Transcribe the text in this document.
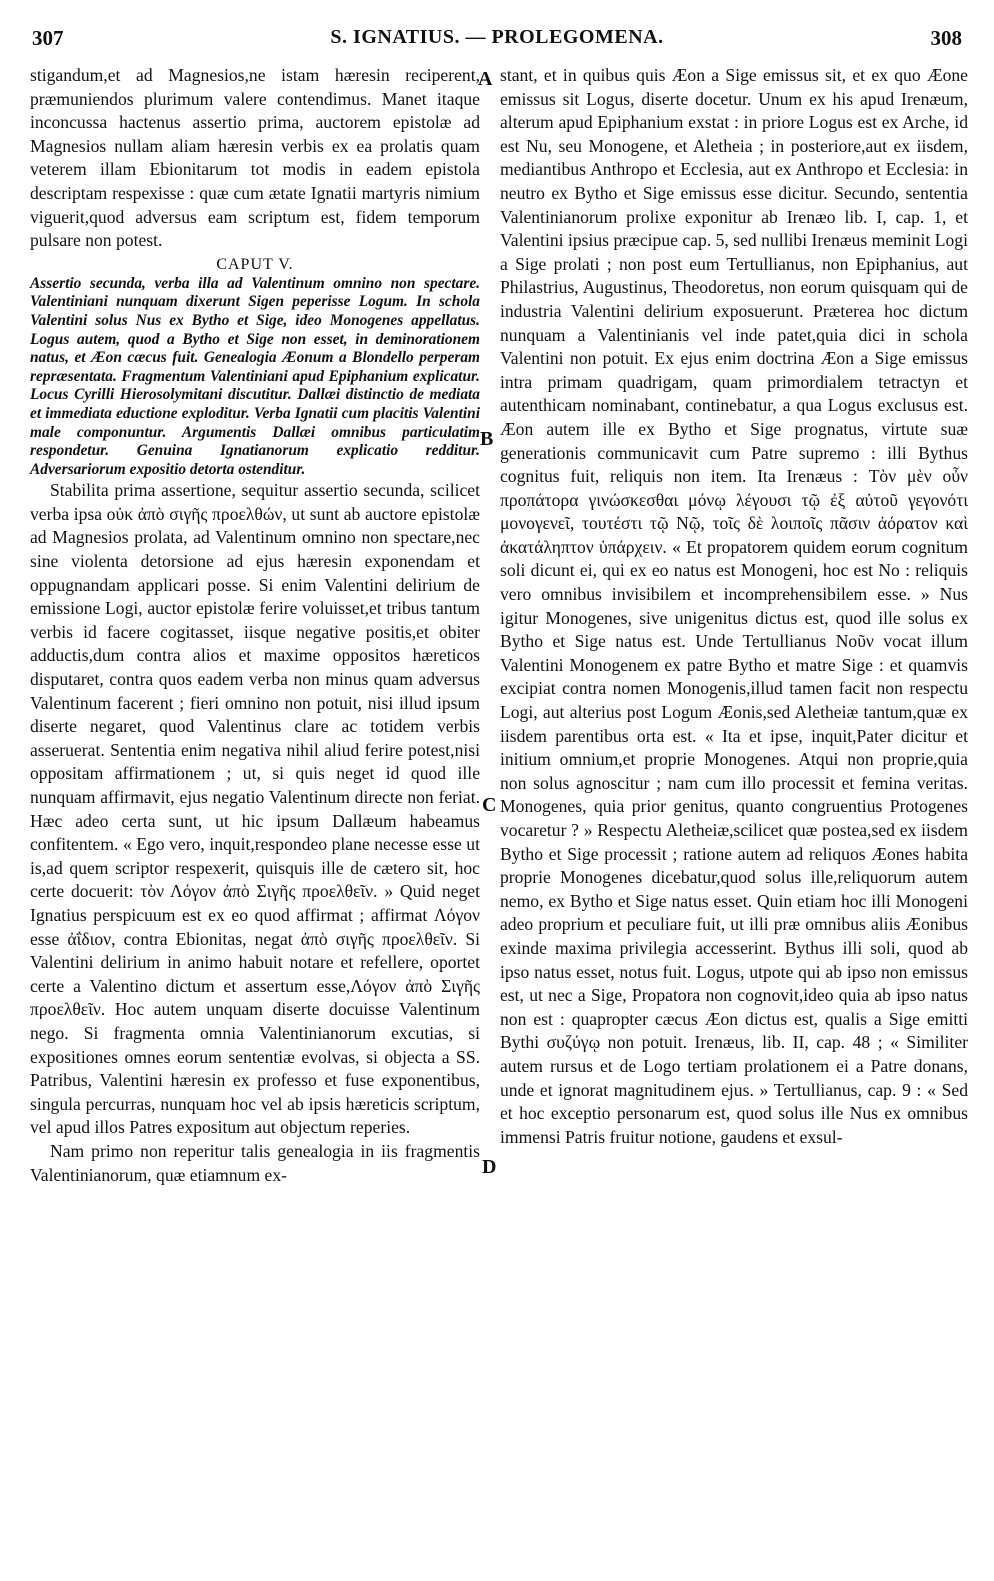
307	S. IGNATIUS. — PROLEGOMENA.	308
A
B
C
D

stigandum,et ad Magnesios,ne istam hæresin reciperent, præmuniendos plurimum valere contendimus. Manet itaque inconcussa hactenus assertio prima, auctorem epistolæ ad Magnesios nullam aliam hæresin verbis ex ea prolatis quam veterem illam Ebionitarum tot modis in eadem epistola descriptam respexisse : quæ cum ætate Ignatii martyris nimium viguerit,quod adversus eam scriptum est, fidem temporum pulsare non potest.

CAPUT V.

Assertio secunda, verba illa ad Valentinum omnino non spectare. Valentiniani nunquam dixerunt Sigen peperisse Logum. In schola Valentini solus Nus ex Bytho et Sige, ideo Monogenes appellatus. Logus autem, quod a Bytho et Sige non esset, in deminorationem natus, et Æon cæcus fuit. Genealogia Æonum a Blondello perperam repræsentata. Fragmentum Valentiniani apud Epiphanium explicatur. Locus Cyrilli Hierosolymitani discutitur. Dallæi distinctio de mediata et immediata eductione exploditur. Verba Ignatii cum placitis Valentini male componuntur. Argumentis Dallæi omnibus particulatim respondetur. Genuina Ignatianorum explicatio redditur. Adversariorum expositio detorta ostenditur.

Stabilita prima assertione, sequitur assertio secunda, scilicet verba ipsa οὐκ ἀπὸ σιγῆς προελθών, ut sunt ab auctore epistolæ ad Magnesios prolata, ad Valentinum omnino non spectare,nec sine violenta detorsione ad ejus hæresin exponendam et oppugnandam applicari posse. Si enim Valentini delirium de emissione Logi, auctor epistolæ ferire voluisset,et tribus tantum verbis id facere cogitasset, iisque negative positis,et obiter adductis,dum contra alios et maxime oppositos hæreticos disputaret, contra quos eadem verba non minus quam adversus Valentinum facerent ; fieri omnino non potuit, nisi illud ipsum diserte negaret, quod Valentinus clare ac totidem verbis asseruerat. Sententia enim negativa nihil aliud ferire potest,nisi oppositam affirmationem ; ut, si quis neget id quod ille nunquam affirmavit, ejus negatio Valentinum directe non feriat. Hæc adeo certa sunt, ut hic ipsum Dallæum habeamus confitentem. « Ego vero, inquit,respondeo plane necesse esse ut is,ad quem scriptor respexerit, quisquis ille de cætero sit, hoc certe docuerit: τὸν Λόγον ἀπὸ Σιγῆς προελθεῖν. » Quid neget Ignatius perspicuum est ex eo quod affirmat ; affirmat Λόγον esse ἀΐδιον, contra Ebionitas, negat ἀπὸ σιγῆς προελθεῖν. Si Valentini delirium in animo habuit notare et refellere, oportet certe a Valentino dictum et assertum esse,Λόγον ἀπὸ Σιγῆς προελθεῖν. Hoc autem unquam diserte docuisse Valentinum nego. Si fragmenta omnia Valentinianorum excutias, si expositiones omnes eorum sententiæ evolvas, si objecta a SS. Patribus, Valentini hæresin ex professo et fuse exponentibus, singula percurras, nunquam hoc vel ab ipsis hæreticis scriptum, vel apud illos Patres expositum aut objectum reperies.

Nam primo non reperitur talis genealogia in iis fragmentis Valentinianorum, quæ etiamnum ex-

stant, et in quibus quis Æon a Sige emissus sit, et ex quo Æone emissus sit Logus, diserte docetur. Unum ex his apud Irenæum, alterum apud Epiphanium exstat : in priore Logus est ex Arche, id est Nu, seu Monogene, et Aletheia ; in posteriore,aut ex iisdem, mediantibus Anthropo et Ecclesia, aut ex Anthropo et Ecclesia: in neutro ex Bytho et Sige emissus esse dicitur. Secundo, sententia Valentinianorum prolixe exponitur ab Irenæo lib. I, cap. 1, et Valentini ipsius præcipue cap. 5, sed nullibi Irenæus meminit Logi a Sige prolati ; non post eum Tertullianus, non Epiphanius, aut Philastrius, Augustinus, Theodoretus, non eorum quisquam qui de industria Valentini delirium exposuerunt. Præterea hoc dictum nunquam a Valentinianis vel inde patet,quia dici in schola Valentini non potuit. Ex ejus enim doctrina Æon a Sige emissus intra primam quadrigam, quam primordialem tetractyn et autenthicam nominabant, continebatur, a qua Logus exclusus est. Æon autem ille ex Bytho et Sige prognatus, virtute suæ generationis communicavit cum Patre supremo : illi Bythus cognitus fuit, reliquis non item. Ita Irenæus : Τὸν μὲν οὖν προπάτορα γινώσκεσθαι μόνῳ λέγουσι τῷ ἐξ αὐτοῦ γεγονότι μονογενεῖ, τουτέστι τῷ Νῷ, τοῖς δὲ λοιποῖς πᾶσιν ἀόρατον καὶ ἀκατάληπτον ὑπάρχειν. « Et propatorem quidem eorum cognitum soli dicunt ei, qui ex eo natus est Monogeni, hoc est No : reliquis vero omnibus invisibilem et incomprehensibilem esse. » Nus igitur Monogenes, sive unigenitus dictus est, quod ille solus ex Bytho et Sige natus est. Unde Tertullianus Νοῦν vocat illum Valentini Monogenem ex patre Bytho et matre Sige : et quamvis excipiat contra nomen Monogenis,illud tamen facit non respectu Logi, aut alterius post Logum Æonis,sed Aletheiæ tantum,quæ ex iisdem parentibus orta est. « Ita et ipse, inquit,Pater dicitur et initium omnium,et proprie Monogenes. Atqui non proprie,quia non solus agnoscitur ; nam cum illo processit et femina veritas. Monogenes, quia prior genitus, quanto congruentius Protogenes vocaretur ? » Respectu Aletheiæ,scilicet quæ postea,sed ex iisdem Bytho et Sige processit ; ratione autem ad reliquos Æones habita proprie Monogenes dicebatur,quod solus ille,reliquorum autem nemo, ex Bytho et Sige natus esset. Quin etiam hoc illi Monogeni adeo proprium et peculiare fuit, ut illi præ omnibus aliis Æonibus exinde maxima privilegia accesserint. Bythus illi soli, quod ab ipso natus esset, notus fuit. Logus, utpote qui ab ipso non emissus est, ut nec a Sige, Propatora non cognovit,ideo quia ab ipso natus non est : quapropter cæcus Æon dictus est, qualis a Sige emitti Bythi συζύγῳ non potuit. Irenæus, lib. II, cap. 48 ; « Similiter autem rursus et de Logo tertiam prolationem ei a Patre donans, unde et ignorat magnitudinem ejus. » Tertullianus, cap. 9 : « Sed et hoc exceptio personarum est, quod solus ille Nus ex omnibus immensi Patris fruitur notione, gaudens et exsul-
